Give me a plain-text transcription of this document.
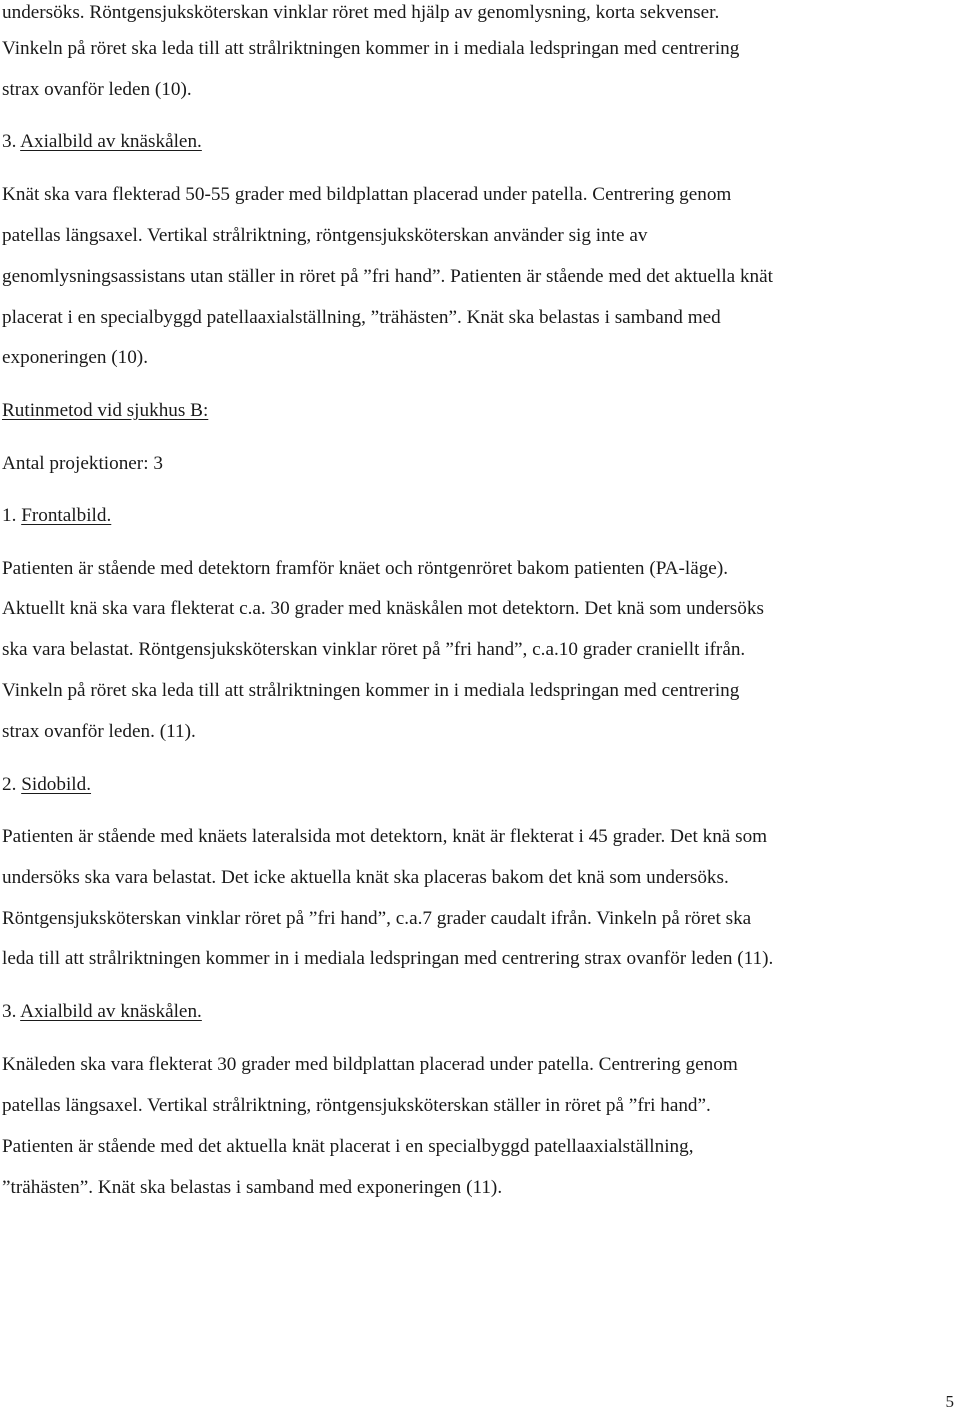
undersöks. Röntgensjuksköterskan vinklar röret med hjälp av genomlysning, korta sekvenser.
Vinkeln på röret ska leda till att strålriktningen kommer in i mediala ledspringan med centrering
strax ovanför leden (10).
3. Axialbild av knäskålen.
Knät ska vara flekterad 50-55 grader med bildplattan placerad under patella. Centrering genom
patellas längsaxel. Vertikal strålriktning, röntgensjuksköterskan använder sig inte av
genomlysningsassistans utan ställer in röret på ”fri hand”. Patienten är stående med det aktuella knät
placerat i en specialbyggd patellaaxialställning, ”trähästen”. Knät ska belastas i samband med
exponeringen (10).
Rutinmetod vid sjukhus B:
Antal projektioner: 3
1. Frontalbild.
Patienten är stående med detektorn framför knäet och röntgenröret bakom patienten (PA-läge).
Aktuellt knä ska vara flekterat c.a. 30 grader med knäskålen mot detektorn. Det knä som undersöks
ska vara belastat. Röntgensjuksköterskan vinklar röret på ”fri hand”, c.a.10 grader craniellt ifrån.
Vinkeln på röret ska leda till att strålriktningen kommer in i mediala ledspringan med centrering
strax ovanför leden. (11).
2. Sidobild.
Patienten är stående med knäets lateralsida mot detektorn, knät är flekterat i 45 grader. Det knä som
undersöks ska vara belastat. Det icke aktuella knät ska placeras bakom det knä som undersöks.
Röntgensjuksköterskan vinklar röret på ”fri hand”, c.a.7 grader caudalt ifrån. Vinkeln på röret ska
leda till att strålriktningen kommer in i mediala ledspringan med centrering strax ovanför leden (11).
3. Axialbild av knäskålen.
Knäleden ska vara flekterat 30 grader med bildplattan placerad under patella. Centrering genom
patellas längsaxel. Vertikal strålriktning, röntgensjuksköterskan ställer in röret på ”fri hand”.
Patienten är stående med det aktuella knät placerat i en specialbyggd patellaaxialställning,
”trähästen”. Knät ska belastas i samband med exponeringen (11).
5
